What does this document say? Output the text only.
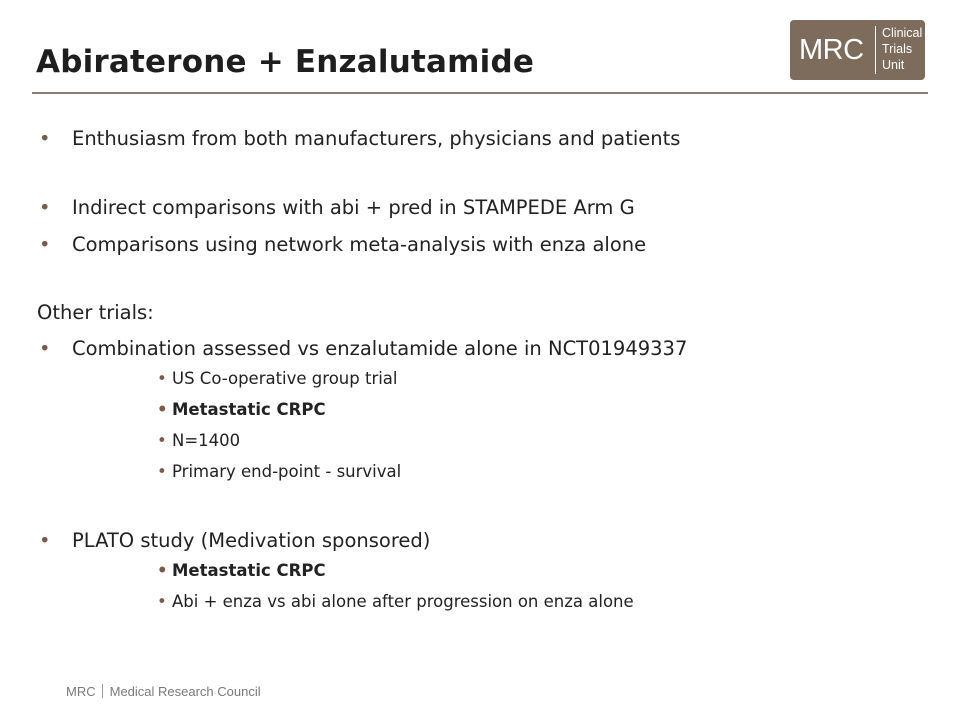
Abiraterone + Enzalutamide	MRC
Clinical
Trials
Unit
• Enthusiasm from both manufacturers, physicians and patients
• Indirect comparisons with abi + pred in STAMPEDE Arm G
• Comparisons using network meta-analysis with enza alone
Other trials:
• Combination assessed vs enzalutamide alone in NCT01949337
• US Co-operative group trial
• Metastatic CRPC
• N=1400
• Primary end-point - survival
• PLATO study (Medivation sponsored)
• Metastatic CRPC
• Abi + enza vs abi alone after progression on enza alone
MRC Medical Research Council
